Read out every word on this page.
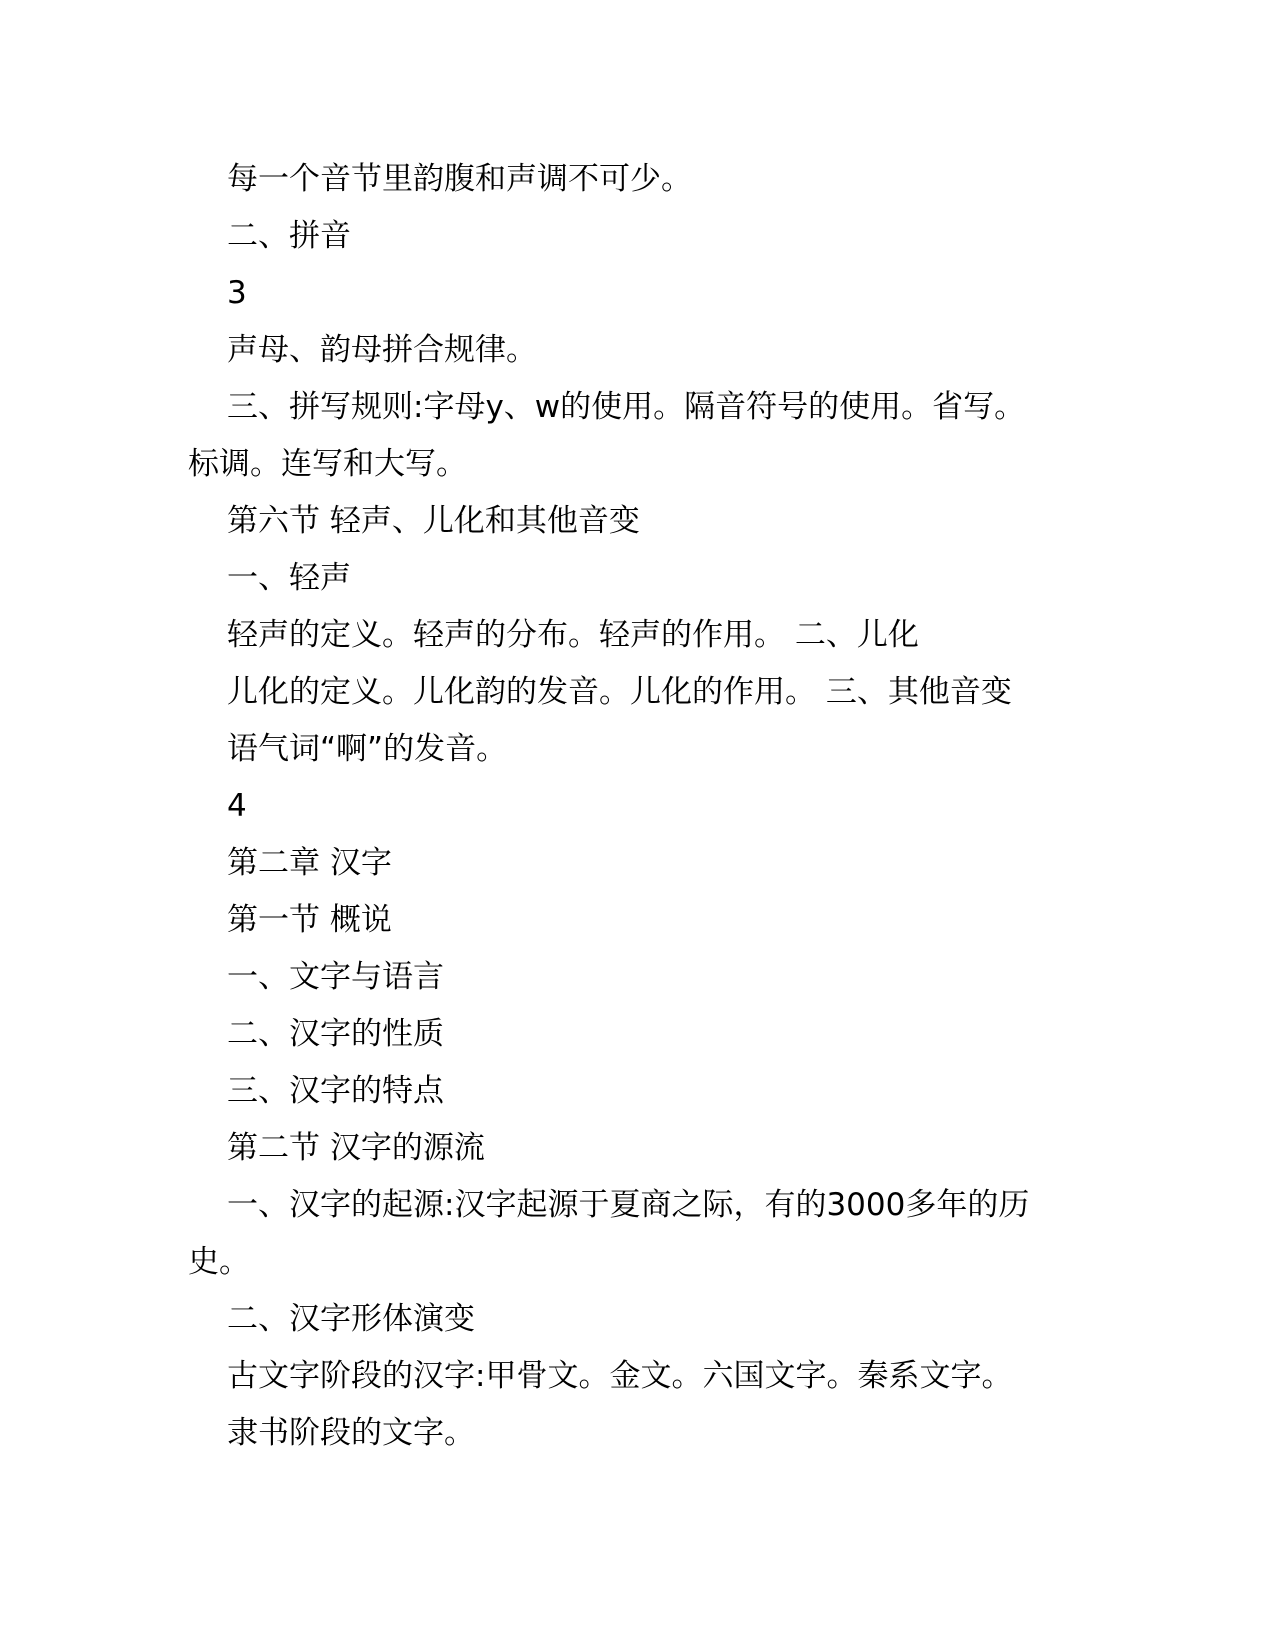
每一个音节里韵腹和声调不可少。
二、拼音
3
声母、韵母拼合规律。
三、拼写规则:字母y、w的使用。隔音符号的使用。省写。
标调。连写和大写。
第六节 轻声、儿化和其他音变
一、轻声
轻声的定义。轻声的分布。轻声的作用。 二、儿化
儿化的定义。儿化韵的发音。儿化的作用。 三、其他音变
语气词“啊”的发音。
4
第二章 汉字
第一节 概说
一、文字与语言
二、汉字的性质
三、汉字的特点
第二节 汉字的源流
一、汉字的起源:汉字起源于夏商之际，有的3000多年的历
史。
二、汉字形体演变
古文字阶段的汉字:甲骨文。金文。六国文字。秦系文字。
隶书阶段的文字。
